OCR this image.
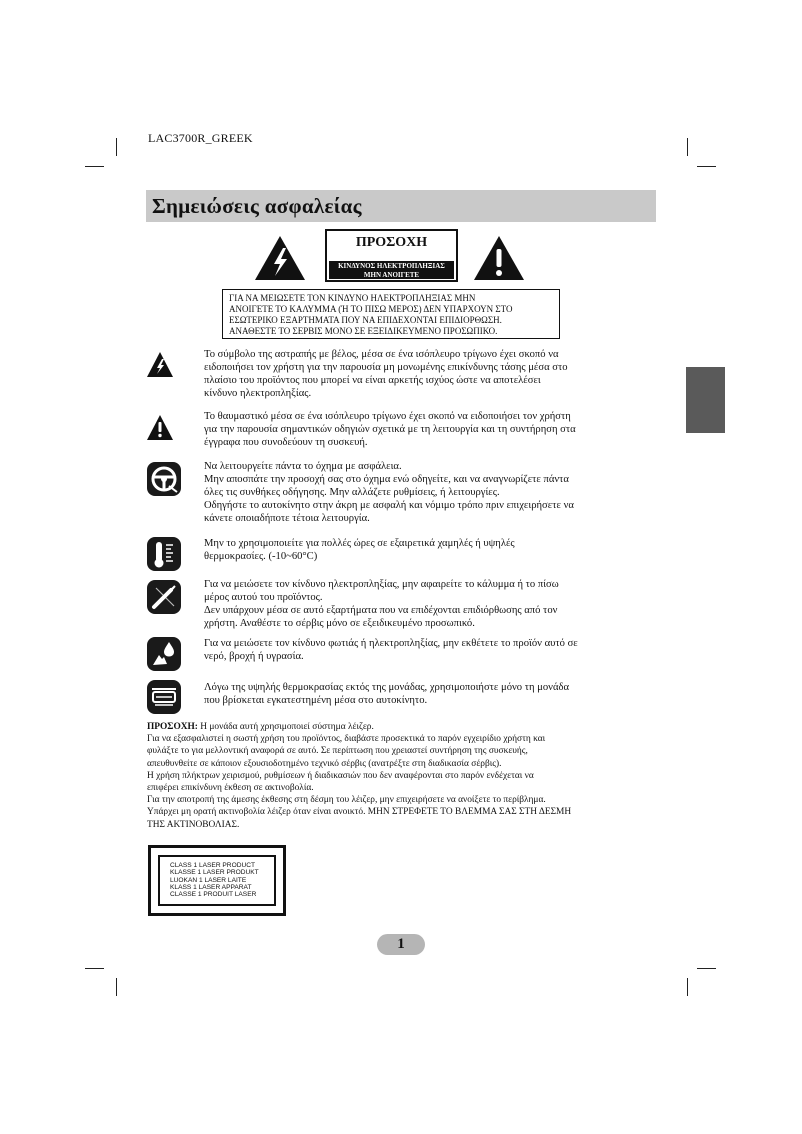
LAC3700R_GREEK
Σημειώσεις ασφαλείας
ΠΡΟΣΟΧΗ
ΚΙΝΔΥΝΟΣ ΗΛΕΚΤΡΟΠΛΗΞΙΑΣ
ΜΗΝ ΑΝΟΙΓΕΤΕ
ΓΙΑ ΝΑ ΜΕΙΩΣΕΤΕ ΤΟΝ ΚΙΝΔΥΝΟ ΗΛΕΚΤΡΟΠΛΗΞΙΑΣ ΜΗΝ
ΑΝΟΙΓΕΤΕ ΤΟ ΚΑΛΥΜΜΑ (Ή ΤΟ ΠΙΣΩ ΜΕΡΟΣ) ΔΕΝ ΥΠΑΡΧΟΥΝ ΣΤΟ
ΕΣΩΤΕΡΙΚΟ ΕΞΑΡΤΗΜΑΤΑ ΠΟΥ ΝΑ ΕΠΙΔΕΧΟΝΤΑΙ ΕΠΙΔΙΟΡΘΩΣΗ.
ΑΝΑΘΕΣΤΕ ΤΟ ΣΕΡΒΙΣ ΜΟΝΟ ΣΕ ΕΞΕΙΔΙΚΕΥΜΕΝΟ ΠΡΟΣΩΠΙΚΟ.
Το σύμβολο της αστραπής με βέλος, μέσα σε ένα ισόπλευρο τρίγωνο έχει σκοπό να
ειδοποιήσει τον χρήστη για την παρουσία μη μονωμένης επικίνδυνης τάσης μέσα στο
πλαίσιο του προϊόντος που μπορεί να είναι αρκετής ισχύος ώστε να αποτελέσει
κίνδυνο ηλεκτροπληξίας.
Το θαυμαστικό μέσα σε ένα ισόπλευρο τρίγωνο έχει σκοπό να ειδοποιήσει τον χρήστη
για την παρουσία σημαντικών οδηγιών σχετικά με τη λειτουργία και τη συντήρηση στα
έγγραφα που συνοδεύουν τη συσκευή.
Να λειτουργείτε πάντα το όχημα με ασφάλεια.
Μην αποσπάτε την προσοχή σας στο όχημα ενώ οδηγείτε, και να αναγνωρίζετε πάντα
όλες τις συνθήκες οδήγησης. Μην αλλάζετε ρυθμίσεις, ή λειτουργίες.
Οδηγήστε το αυτοκίνητο στην άκρη με ασφαλή και νόμιμο τρόπο πριν επιχειρήσετε να
κάνετε οποιαδήποτε τέτοια λειτουργία.
Μην το χρησιμοποιείτε για πολλές ώρες σε εξαιρετικά χαμηλές ή υψηλές
θερμοκρασίες. (-10~60°C)
Για να μειώσετε τον κίνδυνο ηλεκτροπληξίας, μην αφαιρείτε το κάλυμμα ή το πίσω
μέρος αυτού του προϊόντος.
Δεν υπάρχουν μέσα σε αυτό εξαρτήματα που να επιδέχονται επιδιόρθωσης από τον
χρήστη. Αναθέστε το σέρβις μόνο σε εξειδικευμένο προσωπικό.
Για να μειώσετε τον κίνδυνο φωτιάς ή ηλεκτροπληξίας, μην εκθέτετε το προϊόν αυτό σε
νερό, βροχή ή υγρασία.
Λόγω της υψηλής θερμοκρασίας εκτός της μονάδας, χρησιμοποιήστε μόνο τη μονάδα
που βρίσκεται εγκατεστημένη μέσα στο αυτοκίνητο.
ΠΡΟΣΟΧΗ: Η μονάδα αυτή χρησιμοποιεί σύστημα λέιζερ.
Για να εξασφαλιστεί η σωστή χρήση του προϊόντος, διαβάστε προσεκτικά το παρόν εγχειρίδιο χρήστη και
φυλάξτε το για μελλοντική αναφορά σε αυτό. Σε περίπτωση που χρειαστεί συντήρηση της συσκευής,
απευθυνθείτε σε κάποιον εξουσιοδοτημένο τεχνικό σέρβις (ανατρέξτε στη διαδικασία σέρβις).
Η χρήση πλήκτρων χειρισμού, ρυθμίσεων ή διαδικασιών που δεν αναφέρονται στο παρόν ενδέχεται να
επιφέρει επικίνδυνη έκθεση σε ακτινοβολία.
Για την αποτροπή της άμεσης έκθεσης στη δέσμη του λέιζερ, μην επιχειρήσετε να ανοίξετε το περίβλημα.
Υπάρχει μη ορατή ακτινοβολία λέιζερ όταν είναι ανοικτό. ΜΗΝ ΣΤΡΕΦΕΤΕ ΤΟ ΒΛΕΜΜΑ ΣΑΣ ΣΤΗ ΔΕΣΜΗ
ΤΗΣ ΑΚΤΙΝΟΒΟΛΙΑΣ.
CLASS 1 LASER PRODUCT
KLASSE 1 LASER PRODUKT
LUOKAN 1 LASER LAITE
KLASS 1 LASER APPARAT
CLASSE 1 PRODUIT LASER
1
